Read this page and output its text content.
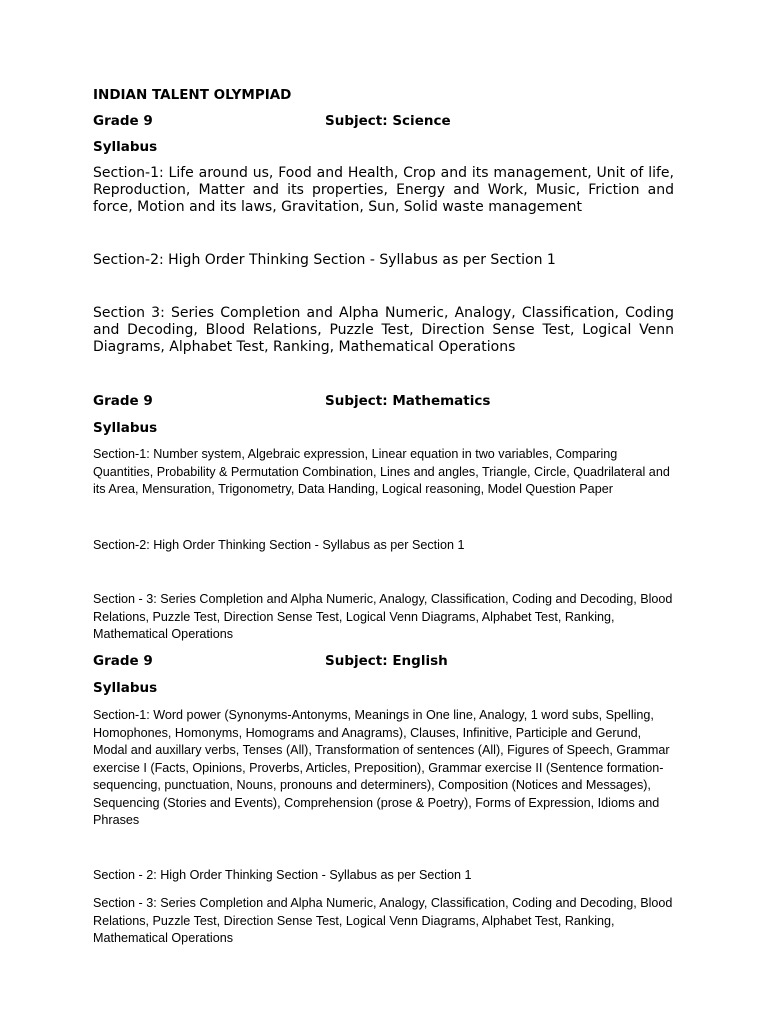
INDIAN TALENT OLYMPIAD
Grade 9	Subject: Science
Syllabus
Section-1: Life around us, Food and Health, Crop and its management, Unit of life, Reproduction, Matter and its properties, Energy and Work, Music, Friction and force, Motion and its laws, Gravitation, Sun, Solid waste management
Section-2: High Order Thinking Section - Syllabus as per Section 1
Section 3: Series Completion and Alpha Numeric, Analogy, Classification, Coding and Decoding, Blood Relations, Puzzle Test, Direction Sense Test, Logical Venn Diagrams, Alphabet Test, Ranking, Mathematical Operations
Grade 9	Subject: Mathematics
Syllabus
Section-1: Number system, Algebraic expression, Linear equation in two variables, Comparing Quantities, Probability & Permutation Combination, Lines and angles, Triangle, Circle, Quadrilateral and its Area, Mensuration, Trigonometry, Data Handing, Logical reasoning, Model Question Paper
Section-2: High Order Thinking Section - Syllabus as per Section 1
Section - 3: Series Completion and Alpha Numeric, Analogy, Classification, Coding and Decoding, Blood Relations, Puzzle Test, Direction Sense Test, Logical Venn Diagrams, Alphabet Test, Ranking, Mathematical Operations
Grade 9	Subject: English
Syllabus
Section-1: Word power (Synonyms-Antonyms, Meanings in One line, Analogy, 1 word subs, Spelling, Homophones, Homonyms, Homograms and Anagrams), Clauses, Infinitive, Participle and Gerund, Modal and auxillary verbs, Tenses (All), Transformation of sentences (All), Figures of Speech, Grammar exercise I (Facts, Opinions, Proverbs, Articles, Preposition), Grammar exercise II (Sentence formation-sequencing, punctuation, Nouns, pronouns and determiners), Composition (Notices and Messages), Sequencing (Stories and Events), Comprehension (prose & Poetry), Forms of Expression, Idioms and Phrases
Section - 2: High Order Thinking Section - Syllabus as per Section 1
Section - 3: Series Completion and Alpha Numeric, Analogy, Classification, Coding and Decoding, Blood Relations, Puzzle Test, Direction Sense Test, Logical Venn Diagrams, Alphabet Test, Ranking, Mathematical Operations
